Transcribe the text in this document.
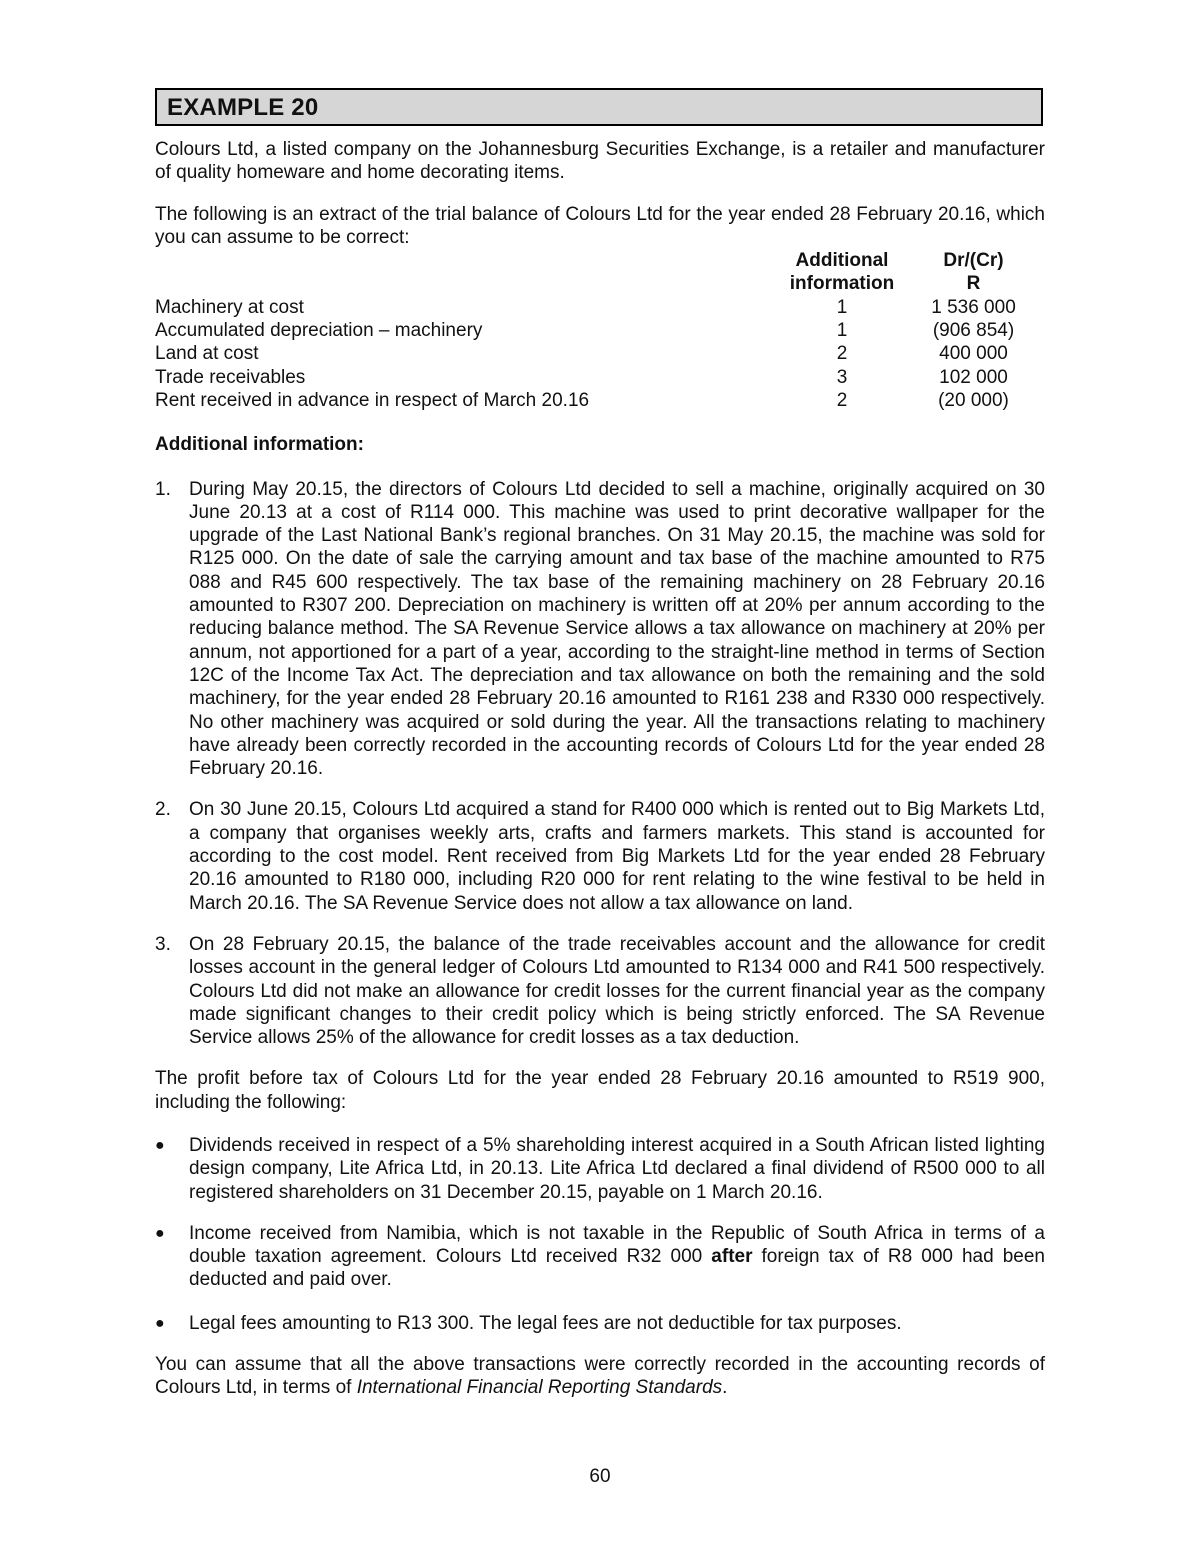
EXAMPLE 20

Colours Ltd, a listed company on the Johannesburg Securities Exchange, is a retailer and manufacturer of quality homeware and home decorating items.

The following is an extract of the trial balance of Colours Ltd for the year ended 28 February 20.16, which you can assume to be correct:

Additional	Dr/(Cr)
information	R
Machinery at cost	1	1 536 000
Accumulated depreciation – machinery	1	(906 854)
Land at cost	2	400 000
Trade receivables	3	102 000
Rent received in advance in respect of March 20.16	2	(20 000)

Additional information:

1. During May 20.15, the directors of Colours Ltd decided to sell a machine, originally acquired on 30 June 20.13 at a cost of R114 000. This machine was used to print decorative wallpaper for the upgrade of the Last National Bank’s regional branches. On 31 May 20.15, the machine was sold for R125 000. On the date of sale the carrying amount and tax base of the machine amounted to R75 088 and R45 600 respectively. The tax base of the remaining machinery on 28 February 20.16 amounted to R307 200. Depreciation on machinery is written off at 20% per annum according to the reducing balance method. The SA Revenue Service allows a tax allowance on machinery at 20% per annum, not apportioned for a part of a year, according to the straight-line method in terms of Section 12C of the Income Tax Act. The depreciation and tax allowance on both the remaining and the sold machinery, for the year ended 28 February 20.16 amounted to R161 238 and R330 000 respectively. No other machinery was acquired or sold during the year. All the transactions relating to machinery have already been correctly recorded in the accounting records of Colours Ltd for the year ended 28 February 20.16.

2. On 30 June 20.15, Colours Ltd acquired a stand for R400 000 which is rented out to Big Markets Ltd, a company that organises weekly arts, crafts and farmers markets. This stand is accounted for according to the cost model. Rent received from Big Markets Ltd for the year ended 28 February 20.16 amounted to R180 000, including R20 000 for rent relating to the wine festival to be held in March 20.16. The SA Revenue Service does not allow a tax allowance on land.

3. On 28 February 20.15, the balance of the trade receivables account and the allowance for credit losses account in the general ledger of Colours Ltd amounted to R134 000 and R41 500 respectively. Colours Ltd did not make an allowance for credit losses for the current financial year as the company made significant changes to their credit policy which is being strictly enforced. The SA Revenue Service allows 25% of the allowance for credit losses as a tax deduction.

The profit before tax of Colours Ltd for the year ended 28 February 20.16 amounted to R519 900, including the following:

● Dividends received in respect of a 5% shareholding interest acquired in a South African listed lighting design company, Lite Africa Ltd, in 20.13. Lite Africa Ltd declared a final dividend of R500 000 to all registered shareholders on 31 December 20.15, payable on 1 March 20.16.

● Income received from Namibia, which is not taxable in the Republic of South Africa in terms of a double taxation agreement. Colours Ltd received R32 000 after foreign tax of R8 000 had been deducted and paid over.

● Legal fees amounting to R13 300. The legal fees are not deductible for tax purposes.

You can assume that all the above transactions were correctly recorded in the accounting records of Colours Ltd, in terms of International Financial Reporting Standards.

60
